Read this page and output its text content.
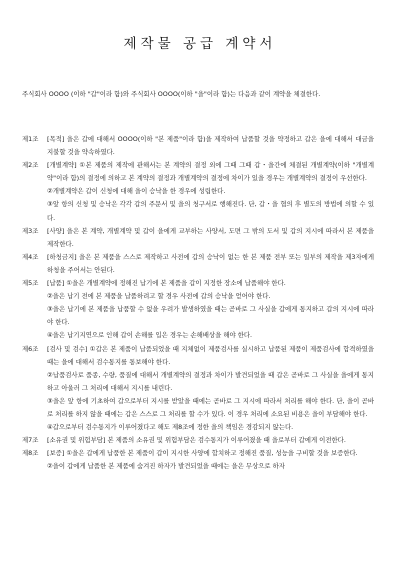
제작물 공급 계약서

주식회사 OOOO (이하 "갑"이라 함)와 주식회사 OOOO(이하 "을"이라 함)는 다음과 같이 계약을 체결한다.

제1조	[목적] 을은 갑에 대해서 OOOO(이하 "본 제품"이라 함)을 제작하여 납품할 것을 약정하고 갑은 을에 대해서 대금을 지불할 것을 약속하였다.

제2조	[개별계약] ①본 제품의 제작에 관해서는 본 계약의 결정 외에 그때 그때 갑・을간에 체결된 개별계약(이하 "개별계약"이라 함)의 결정에 의하고 본 계약의 결정과 개별계약의 결정에 차이가 있을 경우는 개별계약의 결정이 우선한다.

②개별계약은 갑이 신청에 대해 을이 승낙을 한 경우에 성립한다.

③앞 항의 신청 및 승낙은 각각 갑의 주문서 및 을의 청구서로 행해진다. 단, 갑・을 협의 후 별도의 방법에 의할 수 있다.

제3조	[사양] 을은 본 계약, 개별계약 및 갑이 을에게 교부하는 사양서, 도면 그 밖의 도서 및 갑의 지시에 따라서 본 제품을 제작한다.

제4조	[하청금지] 을은 본 제품을 스스로 제작하고 사전에 갑의 승낙이 없는 한 본 제품 전부 또는 일부의 제작을 제3자에게 하청을 주어서는 안된다.

제5조	[납품] ①을은 개별계약에 정해진 납기에 본 제품을 갑이 지정한 장소에 납품해야 한다.

②을은 납기 전에 본 제품을 납품하려고 할 경우 사전에 갑의 승낙을 얻어야 한다.

③을은 납기에 본 제품을 납품할 수 없을 우려가 발생하였을 때는 곧바로 그 사실을 갑에게 통지하고 갑의 지시에 따라야 한다.

④을은 납기지연으로 인해 갑이 손해를 입은 경우는 손해배상을 해야 한다.

제6조	[검사 및 검수] ①갑은 본 제품이 납품되었을 때 지체없이 제품검사를 실시하고 납품된 제품이 제품검사에 합격하였을 때는 을에 대해서 검수통지를 통보해야 한다.

②납품검사로 품종, 수량, 품질에 대해서 개별계약의 결정과 차이가 발견되었을 때 갑은 곧바로 그 사실을 을에게 통지하고 아울러 그 처리에 대해서 지시를 내린다.

③을은 앞 항에 기초하여 갑으로부터 지시를 받았을 때에는 곧바로 그 지시에 따라서 처리를 해야 한다. 단, 을이 곧바로 처리를 하지 않을 때에는 갑은 스스로 그 처리를 할 수가 있다. 이 경우 처리에 소요된 비용은 을이 부담해야 한다.

④갑으로부터 검수통지가 이루어졌다고 해도 제8조에 정한 을의 책임은 경감되지 않는다.

제7조	[소유권 및 위험부담] 본 제품의 소유권 및 위험부담은 검수통지가 이루어졌을 때 을로부터 갑에게 이전한다.

제8조	[보증] ①을은 갑에게 납품한 본 제품이 갑이 지시한 사양에 합치하고 정해진 품질, 성능을 구비할 것을 보증한다.

②을이 갑에게 납품한 본 제품에 숨겨진 하자가 발견되었을 때에는 을은 무상으로 하자
